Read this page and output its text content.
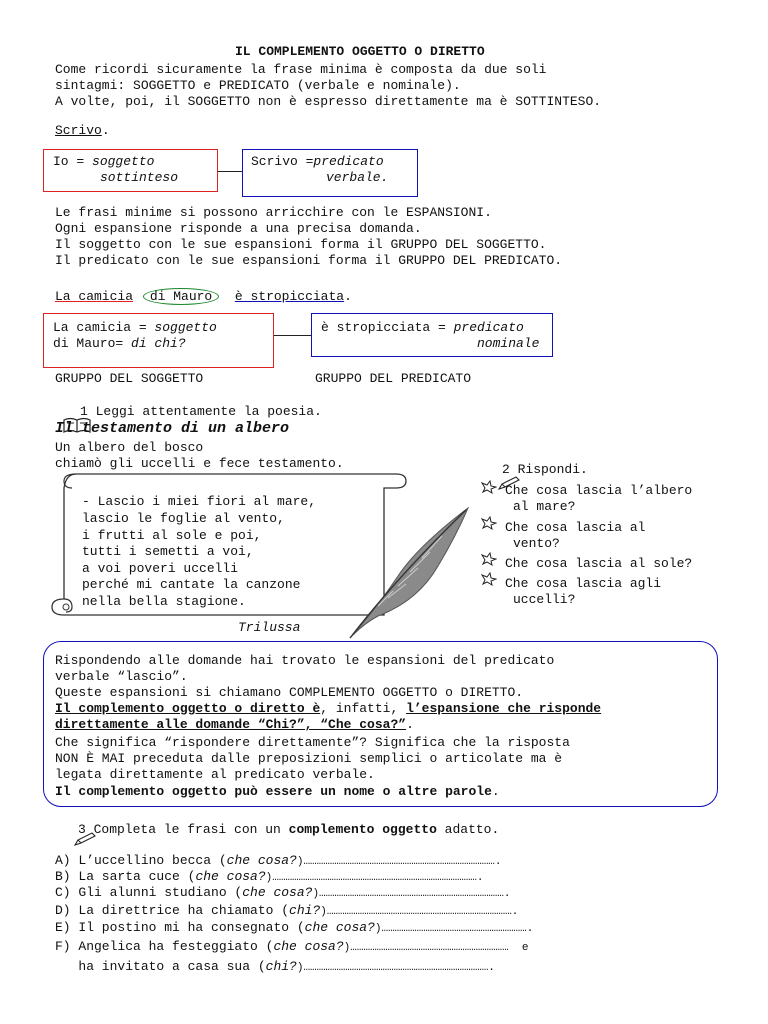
IL COMPLEMENTO OGGETTO O DIRETTO
Come ricordi sicuramente la frase minima è composta da due soli
sintagmi: SOGGETTO e PREDICATO (verbale e nominale).
A volte, poi, il SOGGETTO non è espresso direttamente ma è SOTTINTESO.
Scrivo.
Io = soggetto
sottinteso
Scrivo =predicato
verbale.
Le frasi minime si possono arricchire con le ESPANSIONI.
Ogni espansione risponde a una precisa domanda.
Il soggetto con le sue espansioni forma il GRUPPO DEL SOGGETTO.
Il predicato con le sue espansioni forma il GRUPPO DEL PREDICATO.
La camicia di Mauro è stropicciata.
La camicia = soggetto
di Mauro= di chi?
è stropicciata = predicato
nominale
GRUPPO DEL SOGGETTO	GRUPPO DEL PREDICATO

1 Leggi attentamente la poesia.
Il testamento di un albero
Un albero del bosco
chiamò gli uccelli e fece testamento.
- Lascio i miei fiori al mare,
lascio le foglie al vento,
i frutti al sole e poi,
tutti i semetti a voi,
a voi poveri uccelli
perché mi cantate la canzone
nella bella stagione.
Trilussa

2 Rispondi.
Che cosa lascia l’albero
al mare?
Che cosa lascia al
vento?
Che cosa lascia al sole?
Che cosa lascia agli
uccelli?
Rispondendo alle domande hai trovato le espansioni del predicato
verbale “lascio”.
Queste espansioni si chiamano COMPLEMENTO OGGETTO o DIRETTO.
Il complemento oggetto o diretto è, infatti, l’espansione che risponde
direttamente alle domande “Chi?”, “Che cosa?”.
Che significa “rispondere direttamente”? Significa che la risposta
NON È MAI preceduta dalle preposizioni semplici o articolate ma è
legata direttamente al predicato verbale.
Il complemento oggetto può essere un nome o altre parole.

3 Completa le frasi con un complemento oggetto adatto.
A) L’uccellino becca (che cosa?)…………………………………………………………………………….
B) La sarta cuce (che cosa?)………………………………………………………………………………….
C) Gli alunni studiano (che cosa?)………………………………………………………………………….
D) La direttrice ha chiamato (chi?)………………………………………………………………………….
E) Il postino mi ha consegnato (che cosa?)………………………………………………………….
F) Angelica ha festeggiato (che cosa?)………………………………………………………………  e
ha invitato a casa sua (chi?)………………………………………………………………………….
